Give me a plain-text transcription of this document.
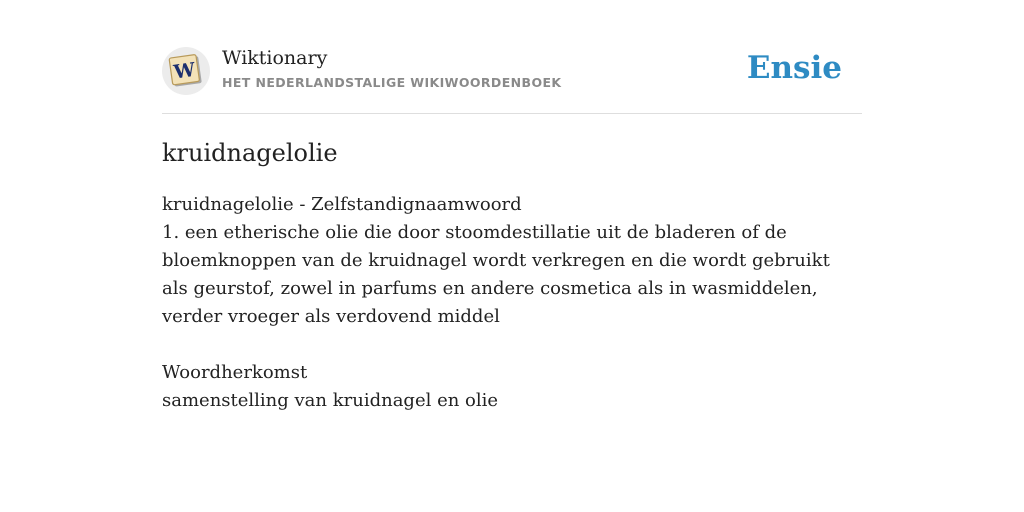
W
Wiktionary
HET NEDERLANDSTALIGE WIKIWOORDENBOEK	Ensie
kruidnagelolie

kruidnagelolie - Zelfstandignaamwoord

1. een etherische olie die door stoomdestillatie uit de bladeren of de bloemknoppen van de kruidnagel wordt verkregen en die wordt gebruikt als geurstof, zowel in parfums en andere cosmetica als in wasmiddelen, verder vroeger als verdovend middel

Woordherkomst

samenstelling van kruidnagel en olie
